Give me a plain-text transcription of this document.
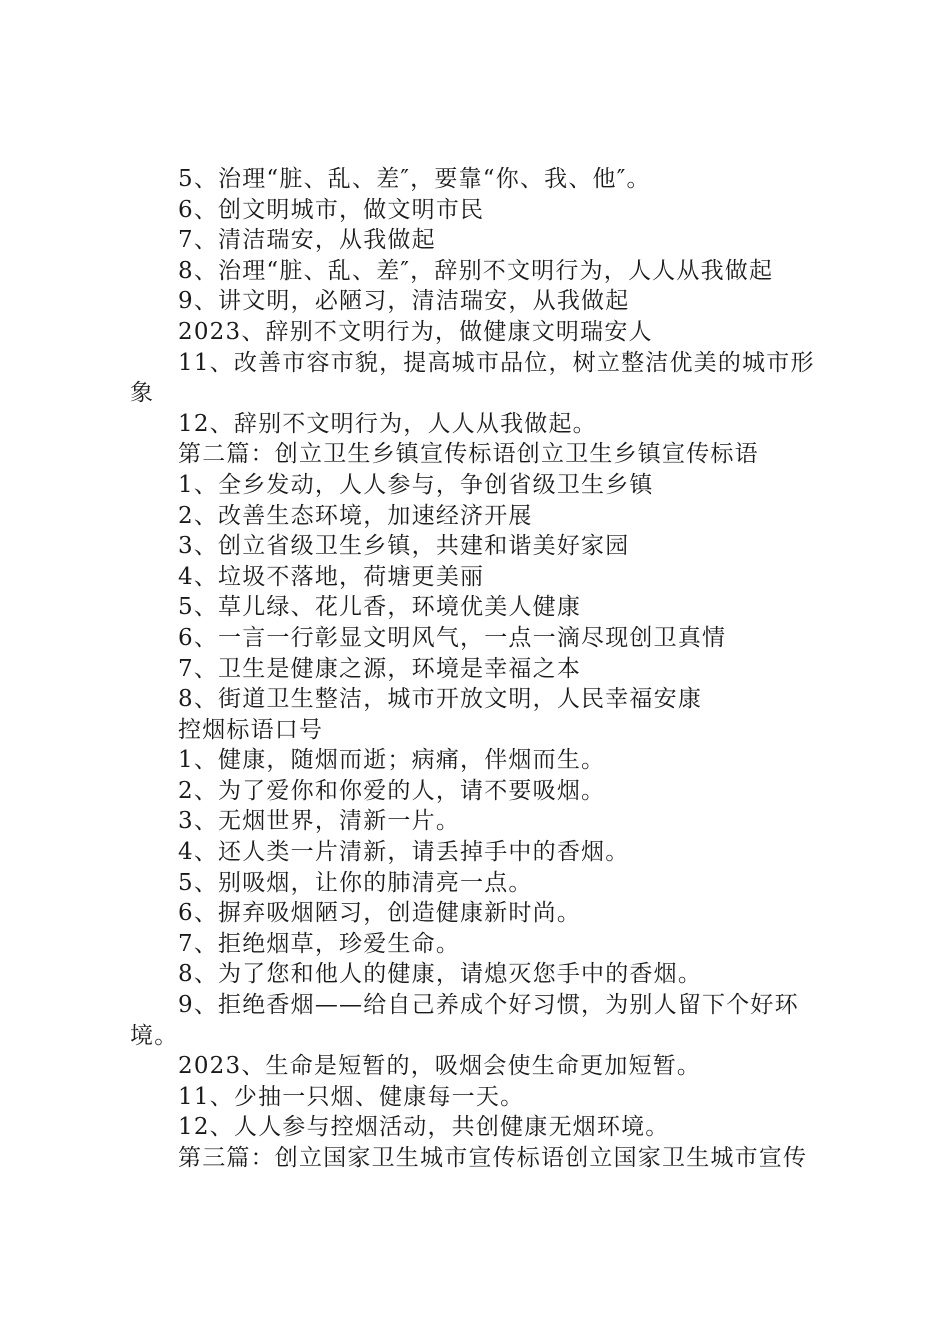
5、治理“脏、乱、差″，要靠“你、我、他″。

6、创文明城市，做文明市民

7、清洁瑞安，从我做起

8、治理“脏、乱、差″，辞别不文明行为，人人从我做起

9、讲文明，必陋习，清洁瑞安，从我做起

2023、辞别不文明行为，做健康文明瑞安人

11、改善市容市貌，提高城市品位，树立整洁优美的城市形象

12、辞别不文明行为，人人从我做起。

第二篇：创立卫生乡镇宣传标语创立卫生乡镇宣传标语

1、全乡发动，人人参与，争创省级卫生乡镇

2、改善生态环境，加速经济开展

3、创立省级卫生乡镇，共建和谐美好家园

4、垃圾不落地，荷塘更美丽

5、草儿绿、花儿香，环境优美人健康

6、一言一行彰显文明风气，一点一滴尽现创卫真情

7、卫生是健康之源，环境是幸福之本

8、街道卫生整洁，城市开放文明，人民幸福安康

控烟标语口号

1、健康，随烟而逝；病痛，伴烟而生。

2、为了爱你和你爱的人，请不要吸烟。

3、无烟世界，清新一片。

4、还人类一片清新，请丢掉手中的香烟。

5、别吸烟，让你的肺清亮一点。

6、摒弃吸烟陋习，创造健康新时尚。

7、拒绝烟草，珍爱生命。

8、为了您和他人的健康，请熄灭您手中的香烟。

9、拒绝香烟——给自己养成个好习惯，为别人留下个好环境。

2023、生命是短暂的，吸烟会使生命更加短暂。

11、少抽一只烟、健康每一天。

12、人人参与控烟活动，共创健康无烟环境。

第三篇：创立国家卫生城市宣传标语创立国家卫生城市宣传
